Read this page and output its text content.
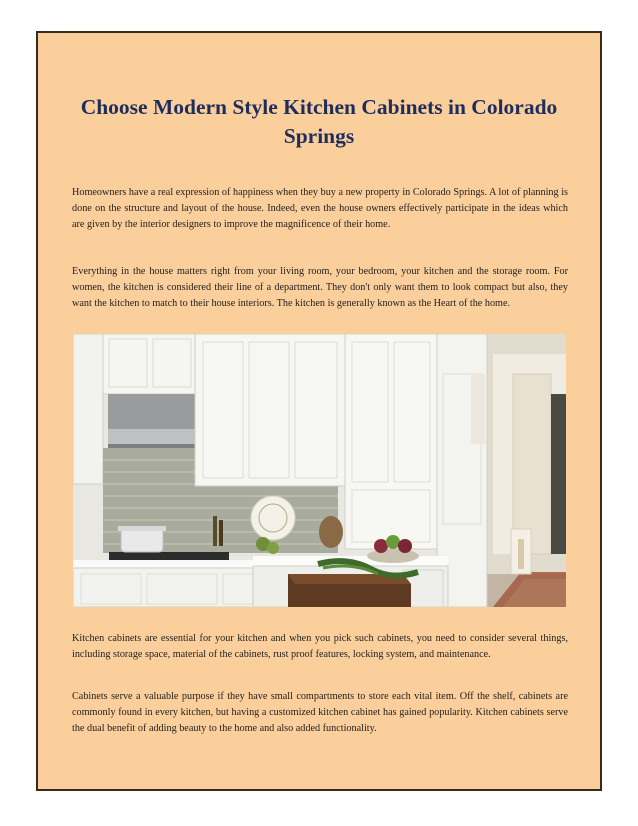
Choose Modern Style Kitchen Cabinets in Colorado Springs

Homeowners have a real expression of happiness when they buy a new property in Colorado Springs. A lot of planning is done on the structure and layout of the house. Indeed, even the house owners effectively participate in the ideas which are given by the interior designers to improve the magnificence of their home.

Everything in the house matters right from your living room, your bedroom, your kitchen and the storage room. For women, the kitchen is considered their line of a department. They don't only want them to look compact but also, they want the kitchen to match to their house interiors. The kitchen is generally known as the Heart of the home.

Kitchen cabinets are essential for your kitchen and when you pick such cabinets, you need to consider several things, including storage space, material of the cabinets, rust proof features, locking system, and maintenance.

Cabinets serve a valuable purpose if they have small compartments to store each vital item. Off the shelf, cabinets are commonly found in every kitchen, but having a customized kitchen cabinet has gained popularity. Kitchen cabinets serve the dual benefit of adding beauty to the home and also added functionality.
